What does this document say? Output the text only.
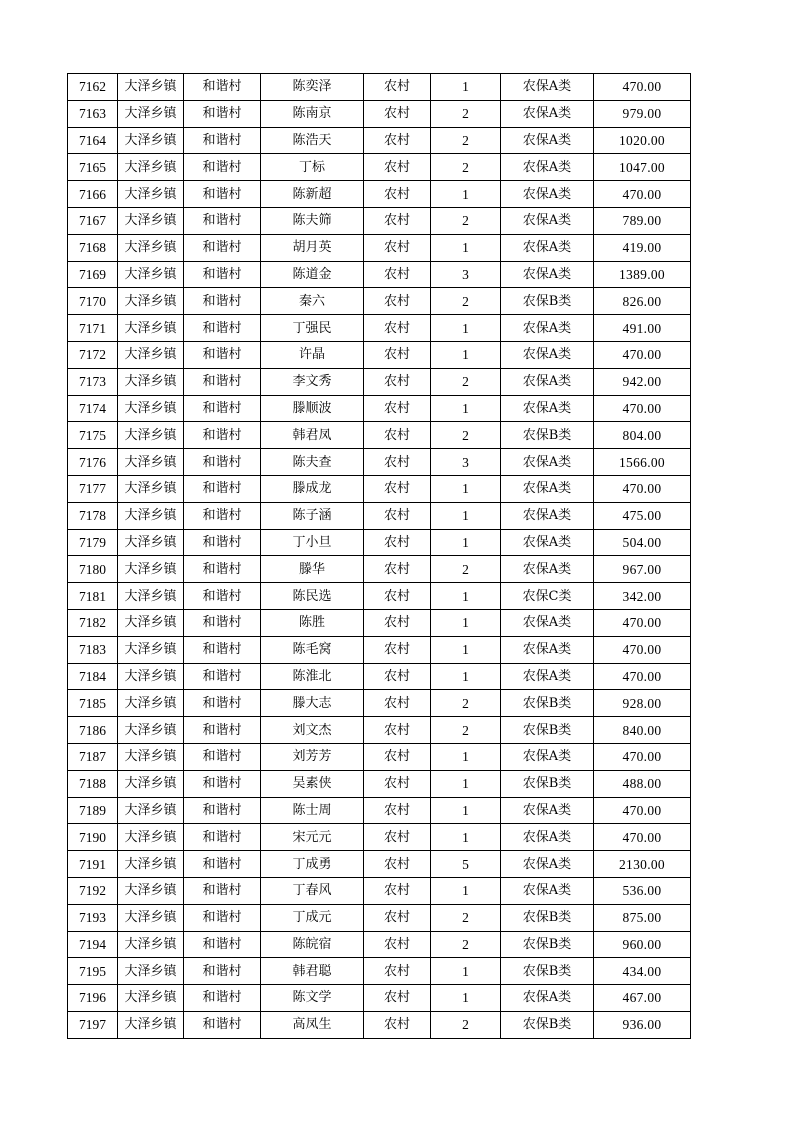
7162	大泽乡镇	和谐村	陈奕泽	农村	1	农保A类	470.00
7163	大泽乡镇	和谐村	陈南京	农村	2	农保A类	979.00
7164	大泽乡镇	和谐村	陈浩天	农村	2	农保A类	1020.00
7165	大泽乡镇	和谐村	丁标	农村	2	农保A类	1047.00
7166	大泽乡镇	和谐村	陈新超	农村	1	农保A类	470.00
7167	大泽乡镇	和谐村	陈夫筛	农村	2	农保A类	789.00
7168	大泽乡镇	和谐村	胡月英	农村	1	农保A类	419.00
7169	大泽乡镇	和谐村	陈道金	农村	3	农保A类	1389.00
7170	大泽乡镇	和谐村	秦六	农村	2	农保B类	826.00
7171	大泽乡镇	和谐村	丁强民	农村	1	农保A类	491.00
7172	大泽乡镇	和谐村	许晶	农村	1	农保A类	470.00
7173	大泽乡镇	和谐村	李文秀	农村	2	农保A类	942.00
7174	大泽乡镇	和谐村	滕顺波	农村	1	农保A类	470.00
7175	大泽乡镇	和谐村	韩君凤	农村	2	农保B类	804.00
7176	大泽乡镇	和谐村	陈夫查	农村	3	农保A类	1566.00
7177	大泽乡镇	和谐村	滕成龙	农村	1	农保A类	470.00
7178	大泽乡镇	和谐村	陈子涵	农村	1	农保A类	475.00
7179	大泽乡镇	和谐村	丁小旦	农村	1	农保A类	504.00
7180	大泽乡镇	和谐村	滕华	农村	2	农保A类	967.00
7181	大泽乡镇	和谐村	陈民选	农村	1	农保C类	342.00
7182	大泽乡镇	和谐村	陈胜	农村	1	农保A类	470.00
7183	大泽乡镇	和谐村	陈毛窝	农村	1	农保A类	470.00
7184	大泽乡镇	和谐村	陈淮北	农村	1	农保A类	470.00
7185	大泽乡镇	和谐村	滕大志	农村	2	农保B类	928.00
7186	大泽乡镇	和谐村	刘文杰	农村	2	农保B类	840.00
7187	大泽乡镇	和谐村	刘芳芳	农村	1	农保A类	470.00
7188	大泽乡镇	和谐村	吴素侠	农村	1	农保B类	488.00
7189	大泽乡镇	和谐村	陈士周	农村	1	农保A类	470.00
7190	大泽乡镇	和谐村	宋元元	农村	1	农保A类	470.00
7191	大泽乡镇	和谐村	丁成勇	农村	5	农保A类	2130.00
7192	大泽乡镇	和谐村	丁春风	农村	1	农保A类	536.00
7193	大泽乡镇	和谐村	丁成元	农村	2	农保B类	875.00
7194	大泽乡镇	和谐村	陈皖宿	农村	2	农保B类	960.00
7195	大泽乡镇	和谐村	韩君聪	农村	1	农保B类	434.00
7196	大泽乡镇	和谐村	陈文学	农村	1	农保A类	467.00
7197	大泽乡镇	和谐村	高凤生	农村	2	农保B类	936.00
